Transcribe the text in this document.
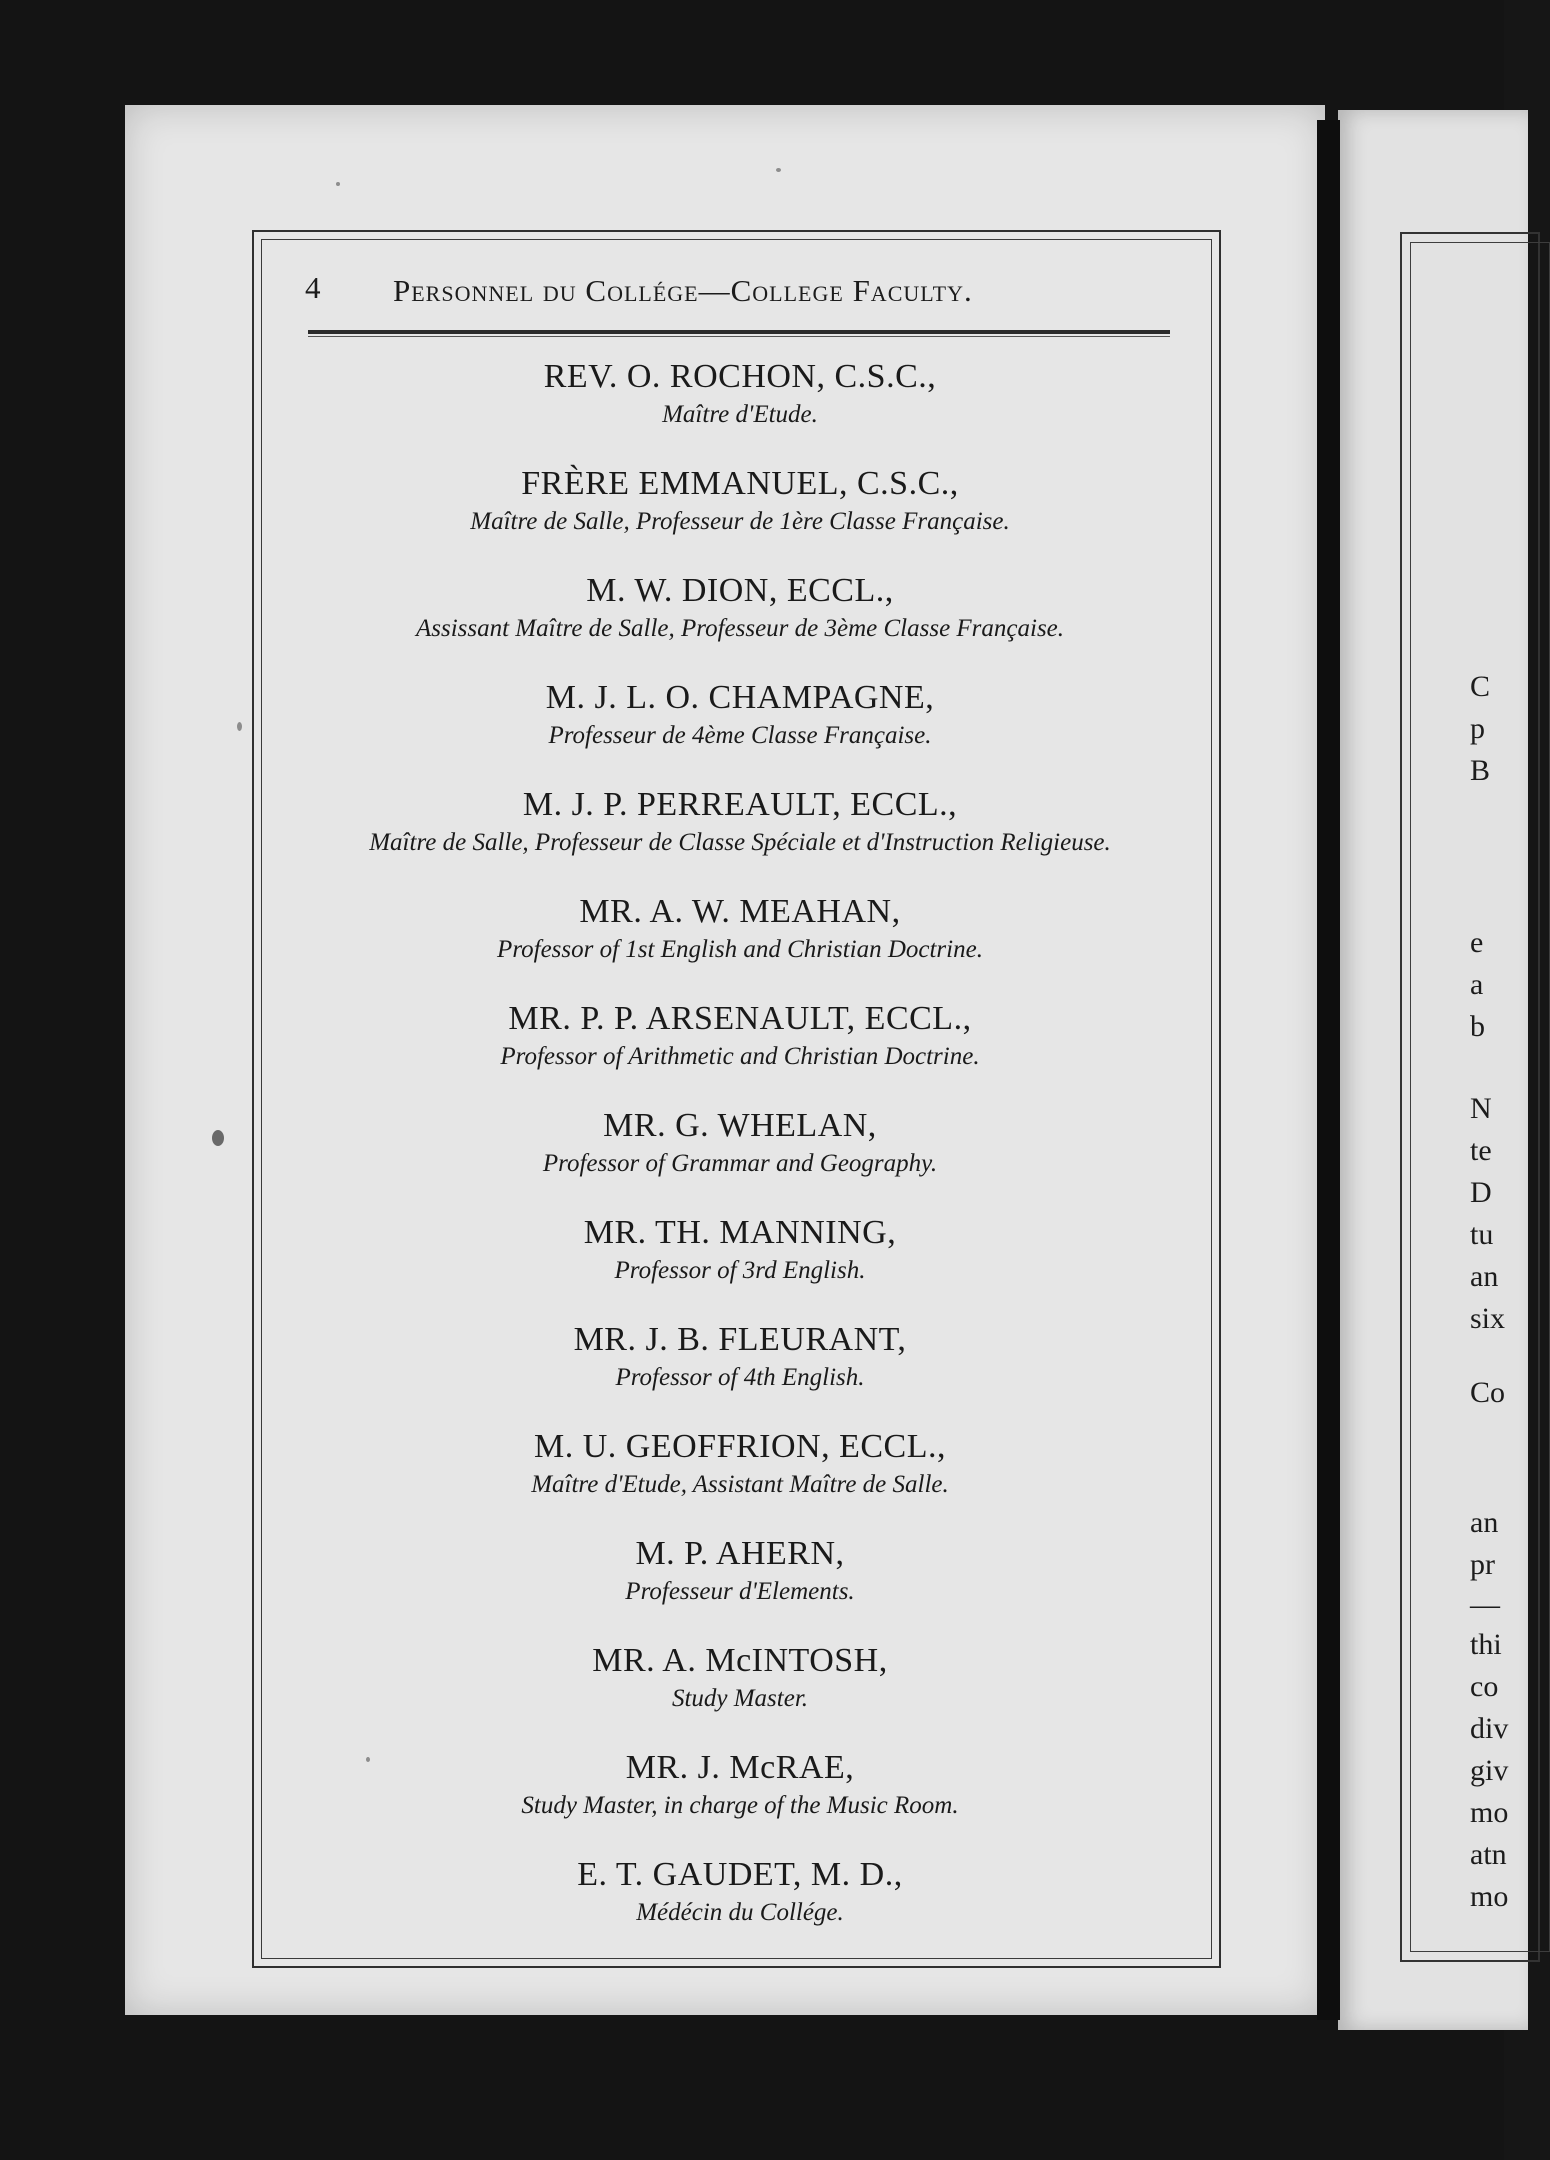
4 Personnel du Collége—College Faculty.
REV. O. ROCHON, C.S.C.,
Maître d'Etude.
FRÈRE EMMANUEL, C.S.C.,
Maître de Salle, Professeur de 1ère Classe Française.
M. W. DION, ECCL.,
Assissant Maître de Salle, Professeur de 3ème Classe Française.
M. J. L. O. CHAMPAGNE,
Professeur de 4ème Classe Française.
M. J. P. PERREAULT, ECCL.,
Maître de Salle, Professeur de Classe Spéciale et d'Instruction Religieuse.
MR. A. W. MEAHAN,
Professor of 1st English and Christian Doctrine.
MR. P. P. ARSENAULT, ECCL.,
Professor of Arithmetic and Christian Doctrine.
MR. G. WHELAN,
Professor of Grammar and Geography.
MR. TH. MANNING,
Professor of 3rd English.
MR. J. B. FLEURANT,
Professor of 4th English.
M. U. GEOFFRION, ECCL.,
Maître d'Etude, Assistant Maître de Salle.
M. P. AHERN,
Professeur d'Elements.
MR. A. McINTOSH,
Study Master.
MR. J. McRAE,
Study Master, in charge of the Music Room.
E. T. GAUDET, M. D.,
Médécin du Collége.
C
p
B
e
a
b
N
te
D
tu
an
six
Co
an
pr
—
thi
co
div
giv
mo
atn
mo
